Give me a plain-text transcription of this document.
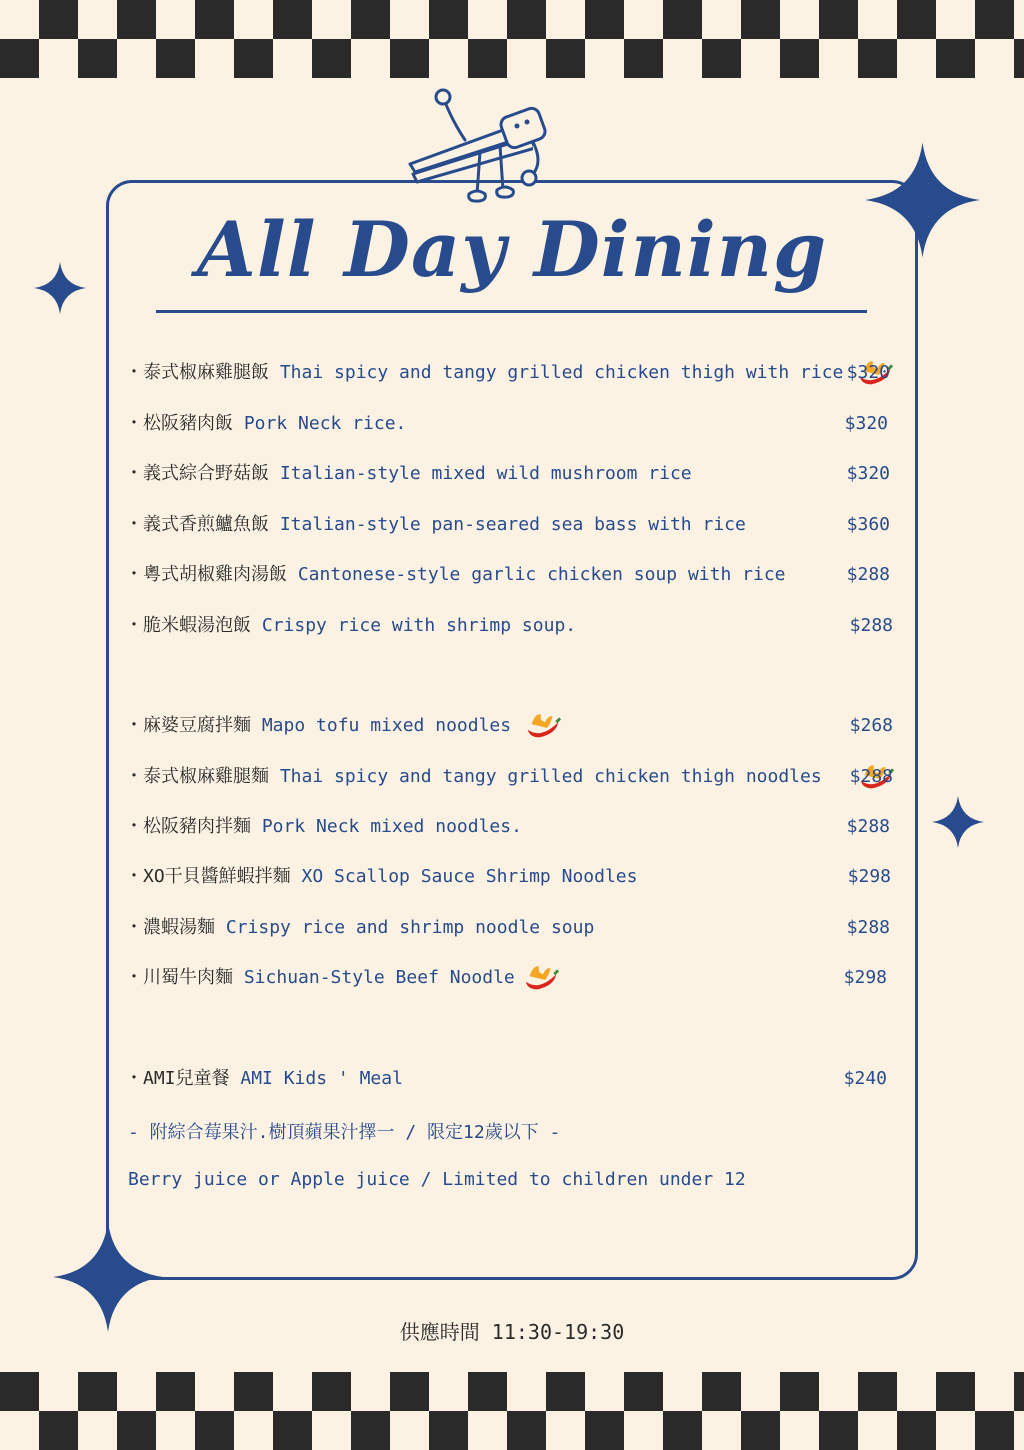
All Day Dining
・泰式椒麻雞腿飯 Thai spicy and tangy grilled chicken thigh with rice $320
・松阪豬肉飯 Pork Neck rice.	$320
・義式綜合野菇飯 Italian-style mixed wild mushroom rice	$320
・義式香煎鱸魚飯 Italian-style pan-seared sea bass with rice	$360
・粵式胡椒雞肉湯飯 Cantonese-style garlic chicken soup with rice	$288
・脆米蝦湯泡飯 Crispy rice with shrimp soup.	$288
・麻婆豆腐拌麵 Mapo tofu mixed noodles	$268
・泰式椒麻雞腿麵 Thai spicy and tangy grilled chicken thigh noodles $288
・松阪豬肉拌麵 Pork Neck mixed noodles.	$288
・XO干貝醬鮮蝦拌麵 XO Scallop Sauce Shrimp Noodles	$298
・濃蝦湯麵 Crispy rice and shrimp noodle soup	$288
・川蜀牛肉麵 Sichuan-Style Beef Noodle	$298
・AMI兒童餐 AMI Kids ' Meal	$240
- 附綜合莓果汁.樹頂蘋果汁擇一 / 限定12歲以下 -
Berry juice or Apple juice / Limited to children under 12
供應時間 11:30-19:30
